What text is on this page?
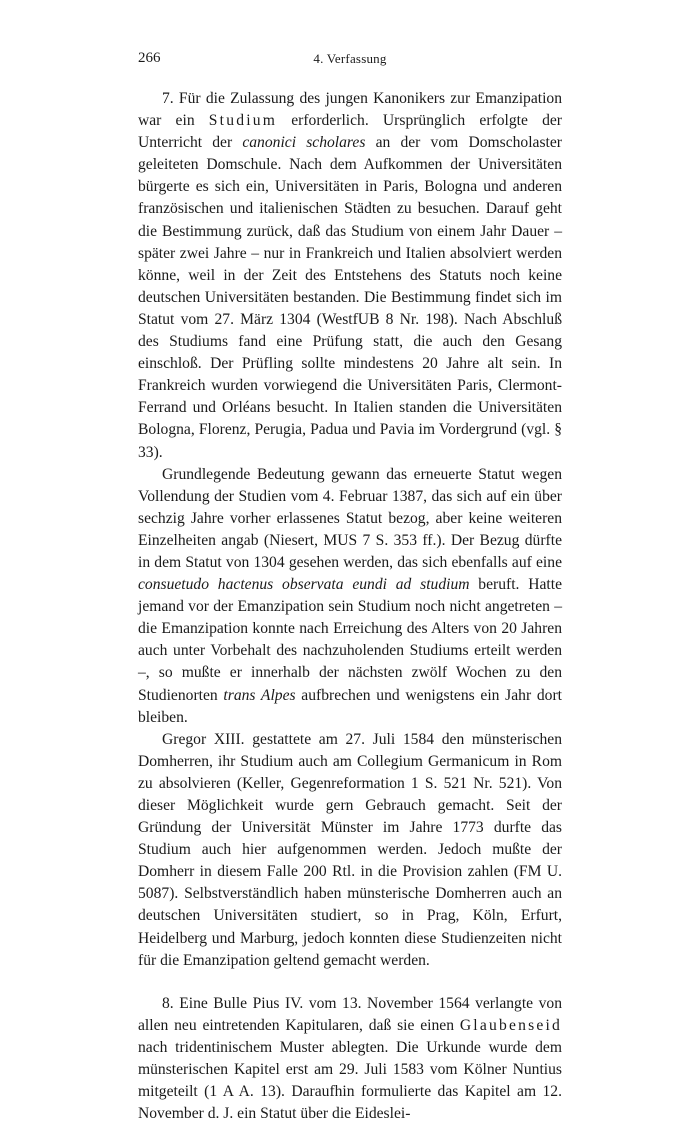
266	4. Verfassung

7. Für die Zulassung des jungen Kanonikers zur Emanzipation war ein Studium erforderlich. Ursprünglich erfolgte der Unterricht der canonici scholares an der vom Domscholaster geleiteten Domschule. Nach dem Aufkommen der Universitäten bürgerte es sich ein, Universitäten in Paris, Bologna und anderen französischen und italienischen Städten zu besuchen. Darauf geht die Bestimmung zurück, daß das Studium von einem Jahr Dauer – später zwei Jahre – nur in Frankreich und Italien absolviert werden könne, weil in der Zeit des Entstehens des Statuts noch keine deutschen Universitäten bestanden. Die Bestimmung findet sich im Statut vom 27. März 1304 (WestfUB 8 Nr. 198). Nach Abschluß des Studiums fand eine Prüfung statt, die auch den Gesang einschloß. Der Prüfling sollte mindestens 20 Jahre alt sein. In Frankreich wurden vorwiegend die Universitäten Paris, Clermont-Ferrand und Orléans besucht. In Italien standen die Universitäten Bologna, Florenz, Perugia, Padua und Pavia im Vordergrund (vgl. § 33).

Grundlegende Bedeutung gewann das erneuerte Statut wegen Vollendung der Studien vom 4. Februar 1387, das sich auf ein über sechzig Jahre vorher erlassenes Statut bezog, aber keine weiteren Einzelheiten angab (Niesert, MUS 7 S. 353 ff.). Der Bezug dürfte in dem Statut von 1304 gesehen werden, das sich ebenfalls auf eine consuetudo hactenus observata eundi ad studium beruft. Hatte jemand vor der Emanzipation sein Studium noch nicht angetreten – die Emanzipation konnte nach Erreichung des Alters von 20 Jahren auch unter Vorbehalt des nachzuholenden Studiums erteilt werden –, so mußte er innerhalb der nächsten zwölf Wochen zu den Studienorten trans Alpes aufbrechen und wenigstens ein Jahr dort bleiben.

Gregor XIII. gestattete am 27. Juli 1584 den münsterischen Domherren, ihr Studium auch am Collegium Germanicum in Rom zu absolvieren (Keller, Gegenreformation 1 S. 521 Nr. 521). Von dieser Möglichkeit wurde gern Gebrauch gemacht. Seit der Gründung der Universität Münster im Jahre 1773 durfte das Studium auch hier aufgenommen werden. Jedoch mußte der Domherr in diesem Falle 200 Rtl. in die Provision zahlen (FM U. 5087). Selbstverständlich haben münsterische Domherren auch an deutschen Universitäten studiert, so in Prag, Köln, Erfurt, Heidelberg und Marburg, jedoch konnten diese Studienzeiten nicht für die Emanzipation geltend gemacht werden.

8. Eine Bulle Pius IV. vom 13. November 1564 verlangte von allen neu eintretenden Kapitularen, daß sie einen Glaubenseid nach tridentinischem Muster ablegten. Die Urkunde wurde dem münsterischen Kapitel erst am 29. Juli 1583 vom Kölner Nuntius mitgeteilt (1 A A. 13). Daraufhin formulierte das Kapitel am 12. November d. J. ein Statut über die Eideslei-
